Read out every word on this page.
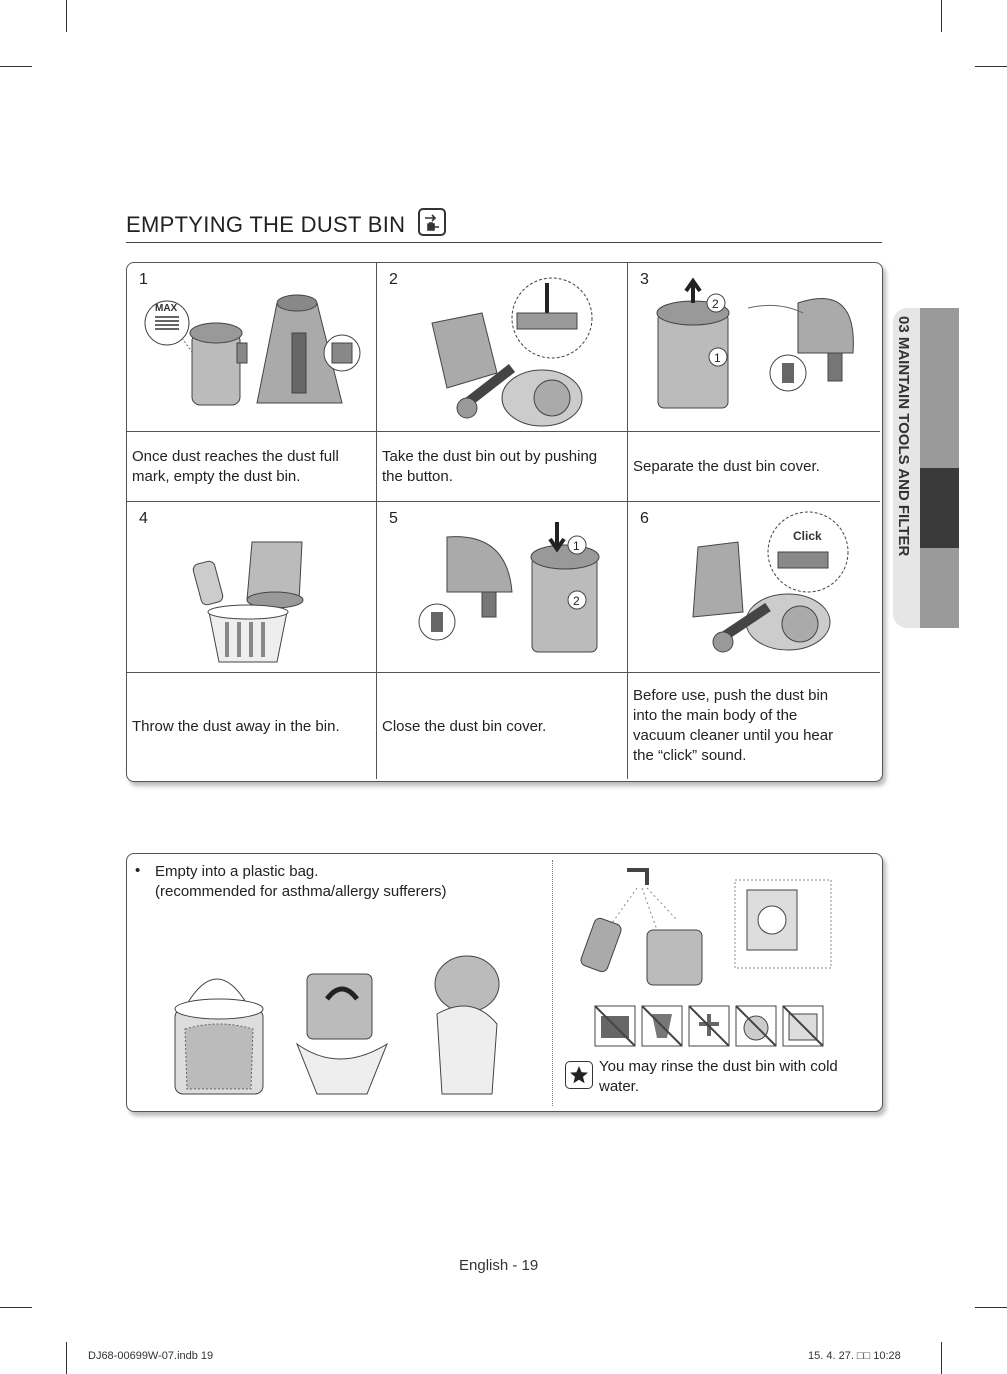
EMPTYING THE DUST BIN
03 MAINTAIN TOOLS AND FILTER
1
MAX
Once dust reaches the dust full mark, empty the dust bin.
2
Take the dust bin out by pushing the button.
3
2
1
Separate the dust bin cover.
4
Throw the dust away in the bin.
5
1
2
Close the dust bin cover.
6
Click
Before use, push the dust bin into the main body of the vacuum cleaner until you hear the “click” sound.
• Empty into a plastic bag.
(recommended for asthma/allergy sufferers)
You may rinse the dust bin with cold water.
English - 19
DJ68-00699W-07.indb 19	15. 4. 27. □□ 10:28
